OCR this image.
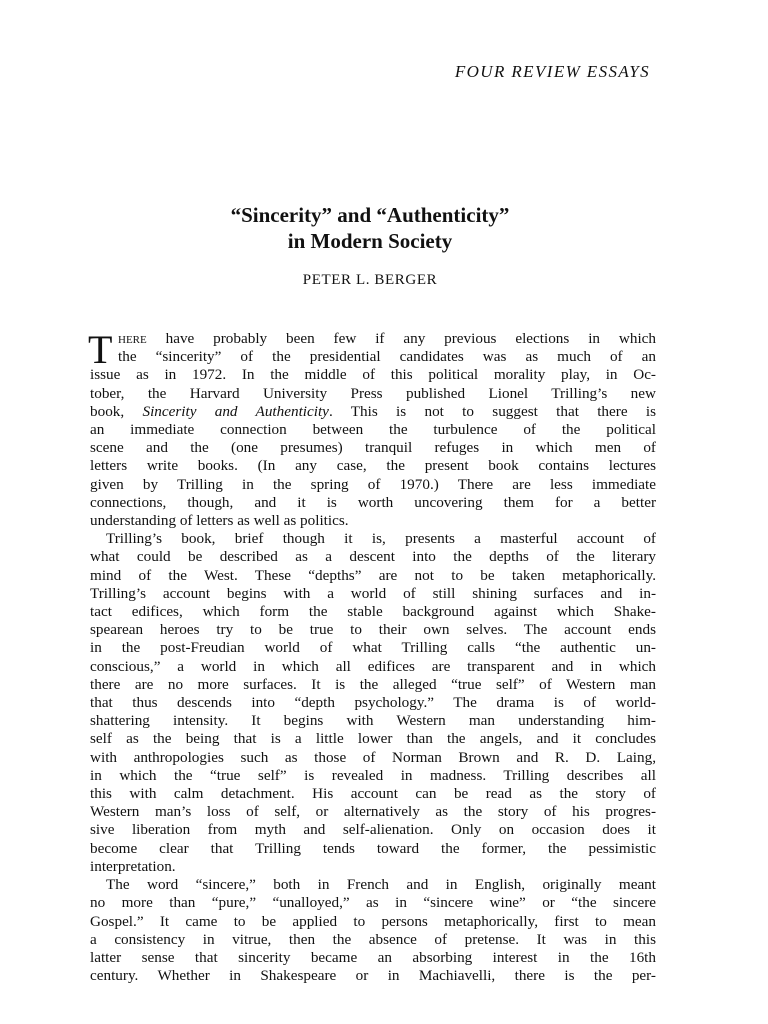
FOUR REVIEW ESSAYS

“Sincerity” and “Authenticity”
in Modern Society

PETER L. BERGER

T here have probably been few if any previous elections in which
the “sincerity” of the presidential candidates was as much of an
issue as in 1972. In the middle of this political morality play, in Oc-
tober, the Harvard University Press published Lionel Trilling’s new
book, Sincerity and Authenticity. This is not to suggest that there is
an immediate connection between the turbulence of the political
scene and the (one presumes) tranquil refuges in which men of
letters write books. (In any case, the present book contains lectures
given by Trilling in the spring of 1970.) There are less immediate
connections, though, and it is worth uncovering them for a better
understanding of letters as well as politics.
Trilling’s book, brief though it is, presents a masterful account of
what could be described as a descent into the depths of the literary
mind of the West. These “depths” are not to be taken metaphorically.
Trilling’s account begins with a world of still shining surfaces and in-
tact edifices, which form the stable background against which Shake-
spearean heroes try to be true to their own selves. The account ends
in the post-Freudian world of what Trilling calls “the authentic un-
conscious,” a world in which all edifices are transparent and in which
there are no more surfaces. It is the alleged “true self” of Western man
that thus descends into “depth psychology.” The drama is of world-
shattering intensity. It begins with Western man understanding him-
self as the being that is a little lower than the angels, and it concludes
with anthropologies such as those of Norman Brown and R. D. Laing,
in which the “true self” is revealed in madness. Trilling describes all
this with calm detachment. His account can be read as the story of
Western man’s loss of self, or alternatively as the story of his progres-
sive liberation from myth and self-alienation. Only on occasion does it
become clear that Trilling tends toward the former, the pessimistic
interpretation.
The word “sincere,” both in French and in English, originally meant
no more than “pure,” “unalloyed,” as in “sincere wine” or “the sincere
Gospel.” It came to be applied to persons metaphorically, first to mean
a consistency in vitrue, then the absence of pretense. It was in this
latter sense that sincerity became an absorbing interest in the 16th
century. Whether in Shakespeare or in Machiavelli, there is the per-
